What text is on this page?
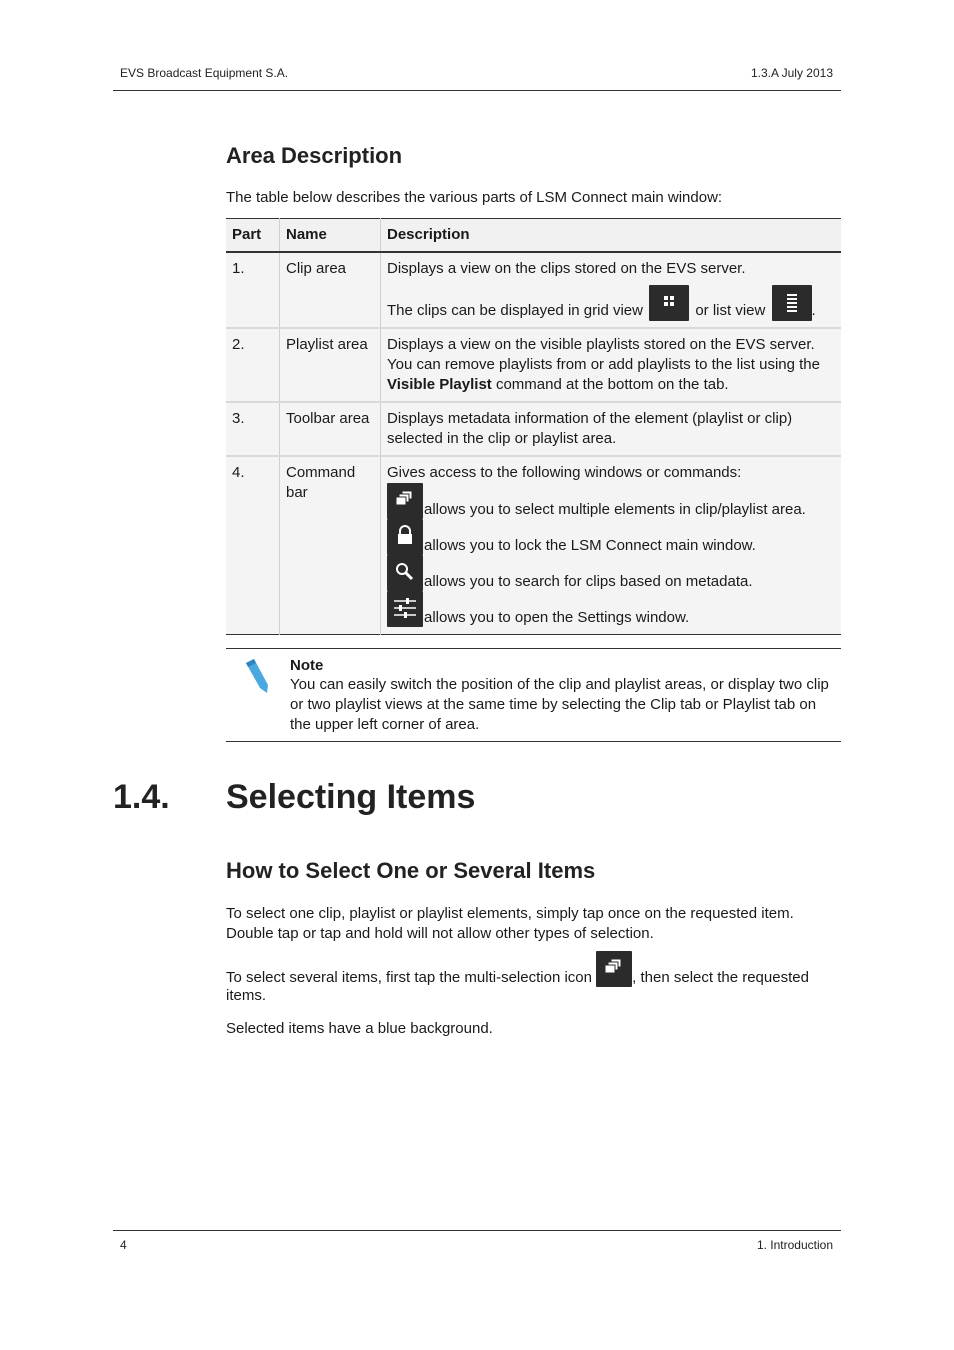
EVS Broadcast Equipment S.A.	1.3.A July 2013
Area Description

The table below describes the various parts of LSM Connect main window:

Part	Name	Description
1.	Clip area	Displays a view on the clips stored on the EVS server.
The clips can be displayed in grid view or list view .

2.	Playlist area	Displays a view on the visible playlists stored on the EVS server. You can remove playlists from or add playlists to the list using the Visible Playlist command at the bottom on the tab.
3.	Toolbar area	Displays metadata information of the element (playlist or clip) selected in the clip or playlist area.
4.	Command bar	Gives access to the following windows or commands:
allows you to select multiple elements in clip/playlist area.
allows you to lock the LSM Connect main window.
allows you to search for clips based on metadata.
allows you to open the Settings window.
Note
You can easily switch the position of the clip and playlist areas, or display two clip or two playlist views at the same time by selecting the Clip tab or Playlist tab on the upper left corner of area.
1.4. Selecting Items
How to Select One or Several Items

To select one clip, playlist or playlist elements, simply tap once on the requested item. Double tap or tap and hold will not allow other types of selection.

To select several items, first tap the multi-selection icon	, then select the requested items.

Selected items have a blue background.

4	1. Introduction
